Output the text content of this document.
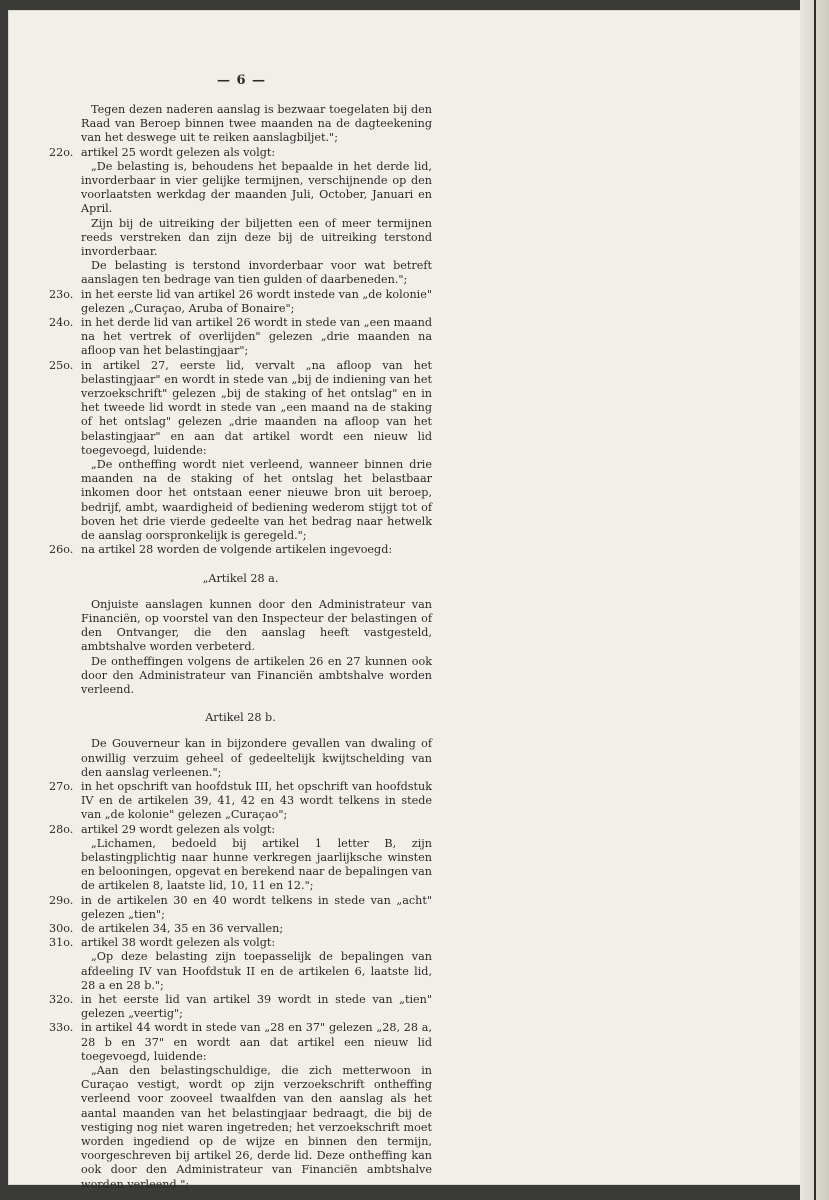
— 6 —
Tegen dezen naderen aanslag is bezwaar toegelaten bij den Raad van Beroep binnen twee maanden na de dagteekening van het deswege uit te reiken aanslagbiljet.";
22o. artikel 25 wordt gelezen als volgt:
„De belasting is, behoudens het bepaalde in het derde lid, invorderbaar in vier gelijke termijnen, verschijnende op den voorlaatsten werkdag der maanden Juli, October, Januari en April.
Zijn bij de uitreiking der biljetten een of meer termijnen reeds verstreken dan zijn deze bij de uitreiking terstond invorderbaar.
De belasting is terstond invorderbaar voor wat betreft aanslagen ten bedrage van tien gulden of daarbeneden.";
23o. in het eerste lid van artikel 26 wordt instede van „de kolonie" gelezen „Curaçao, Aruba of Bonaire";
24o. in het derde lid van artikel 26 wordt in stede van „een maand na het vertrek of overlijden" gelezen „drie maanden na afloop van het belastingjaar";
25o. in artikel 27, eerste lid, vervalt „na afloop van het belastingjaar" en wordt in stede van „bij de indiening van het verzoekschrift" gelezen „bij de staking of het ontslag" en in het tweede lid wordt in stede van „een maand na de staking of het ontslag" gelezen „drie maanden na afloop van het belastingjaar" en aan dat artikel wordt een nieuw lid toegevoegd, luidende:
„De ontheffing wordt niet verleend, wanneer binnen drie maanden na de staking of het ontslag het belastbaar inkomen door het ontstaan eener nieuwe bron uit beroep, bedrijf, ambt, waardigheid of bediening wederom stijgt tot of boven het drie vierde gedeelte van het bedrag naar hetwelk de aanslag oorspronkelijk is geregeld.";
26o. na artikel 28 worden de volgende artikelen ingevoegd:
„Artikel 28 a.
Onjuiste aanslagen kunnen door den Administrateur van Financiën, op voorstel van den Inspecteur der belastingen of den Ontvanger, die den aanslag heeft vastgesteld, ambtshalve worden verbeterd.
De ontheffingen volgens de artikelen 26 en 27 kunnen ook door den Administrateur van Financiën ambtshalve worden verleend.
Artikel 28 b.
De Gouverneur kan in bijzondere gevallen van dwaling of onwillig verzuim geheel of gedeeltelijk kwijtschelding van den aanslag verleenen.";
27o. in het opschrift van hoofdstuk III, het opschrift van hoofdstuk IV en de artikelen 39, 41, 42 en 43 wordt telkens in stede van „de kolonie" gelezen „Curaçao";
28o. artikel 29 wordt gelezen als volgt:
„Lichamen, bedoeld bij artikel 1 letter B, zijn belastingplichtig naar hunne verkregen jaarlijksche winsten en belooningen, opgevat en berekend naar de bepalingen van de artikelen 8, laatste lid, 10, 11 en 12.";
29o. in de artikelen 30 en 40 wordt telkens in stede van „acht" gelezen „tien";
30o. de artikelen 34, 35 en 36 vervallen;
31o. artikel 38 wordt gelezen als volgt:
„Op deze belasting zijn toepasselijk de bepalingen van afdeeling IV van Hoofdstuk II en de artikelen 6, laatste lid, 28 a en 28 b.";
32o. in het eerste lid van artikel 39 wordt in stede van „tien" gelezen „veertig";
33o. in artikel 44 wordt in stede van „28 en 37" gelezen „28, 28 a, 28 b en 37" en wordt aan dat artikel een nieuw lid toegevoegd, luidende:
„Aan den belastingschuldige, die zich metterwoon in Curaçao vestigt, wordt op zijn verzoekschrift ontheffing verleend voor zooveel twaalfden van den aanslag als het aantal maanden van het belastingjaar bedraagt, die bij de vestiging nog niet waren ingetreden; het verzoekschrift moet worden ingediend op de wijze en binnen den termijn, voorgeschreven bij artikel 26, derde lid. Deze ontheffing kan ook door den Administrateur van Financiën ambtshalve worden verleend.";
